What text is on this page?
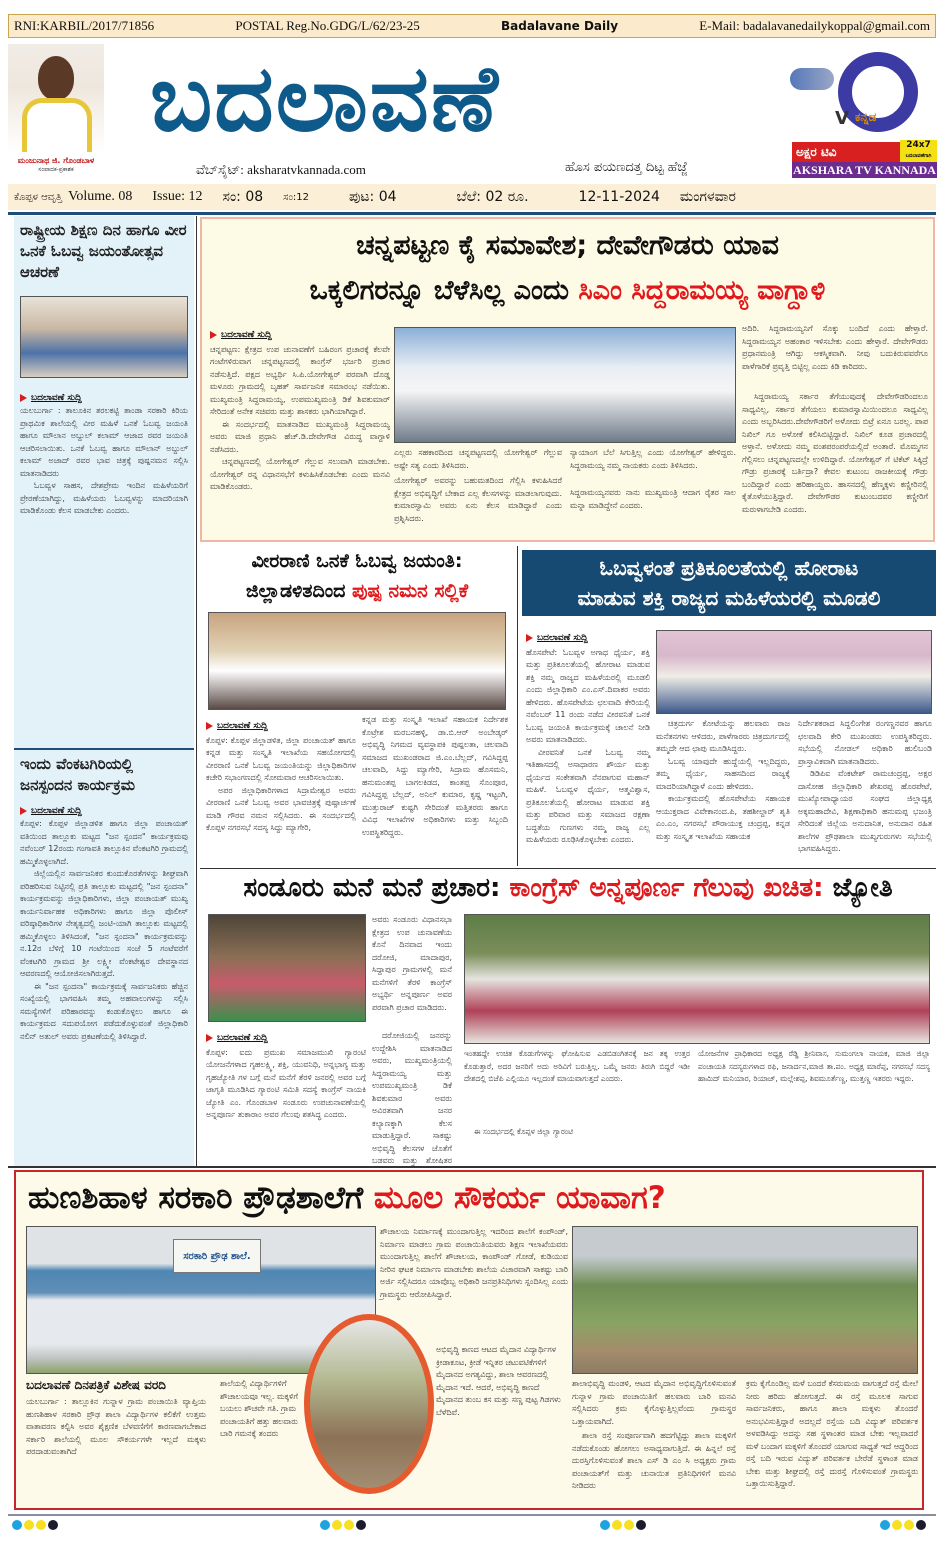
RNI:KARBIL/2017/71856	POSTAL Reg.No.GDG/L/62/23-25	Badalavane Daily	E-Mail: badalavanedailykoppal@gmail.com
ಮಂಜುನಾಥ ಜಿ. ಗೊಂಡಬಾಳ
ಸಂಪಾದಕ-ಪ್ರಕಾಶಕ
ಬದಲಾವಣೆ
ವೆಬ್‌ಸೈಟ್: aksharatvkannada.com	ಹೊಸ ಪಯಣದತ್ತ ದಿಟ್ಟ ಹೆಜ್ಜೆ
V ಕನ್ನಡ
ಅಕ್ಷರ ಟಿವಿ	24x7
ಬದಲಾವಣೆಗಾಗಿ
AKSHARA TV KANNADA
ಕೊಪ್ಪಳ ಆವೃತ್ತಿ Volume. 08 Issue: 12 ಸಂ: 08 ಸಂ:12	ಪುಟ: 04	ಬೆಲೆ: 02 ರೂ.	12-11-2024 ಮಂಗಳವಾರ
ರಾಷ್ಟ್ರೀಯ ಶಿಕ್ಷಣ ದಿನ ಹಾಗೂ ವೀರ ಒನಕೆ ಓಬವ್ವ ಜಯಂತೋತ್ಸವ ಆಚರಣೆ
ಬದಲಾವಣೆ ಸುದ್ದಿ
ಯಲಬುರ್ಗಾ : ತಾಲೂಕಿನ ತರಲಕಟ್ಟಿ ತಾಂಡಾ ಸರಕಾರಿ ಕಿರಿಯ ಪ್ರಾಥಮಿಕ ಶಾಲೆಯಲ್ಲಿ ವೀರ ಮಹಿಳೆ ಒನಕೆ ಓಬವ್ವ ಜಯಂತಿ ಹಾಗೂ ಮೌಲಾನ ಅಬ್ದುಲ್ ಕಲಾಮ್ ಆಜಾದ ರವರ ಜಯಂತಿ ಆಚರಿಸಲಾಯಿತು. ಒನಕೆ ಓಬವ್ವ ಹಾಗೂ ಮೌಲಾನ್ ಅಬ್ದುಲ್ ಕಲಾಮ್ ಅಜಾದ್ ರವರ ಭಾವ ಚಿತ್ರಕ್ಕೆ ಪುಷ್ಪನಮನ ಸಲ್ಲಿಸಿ ಮಾತನಾಡಿದರು
ಓಬವ್ವಳ ಸಾಹಸ, ದೇಶಪ್ರೇಮ ಇಂದಿನ ಮಹಿಳೆಯರಿಗೆ ಪ್ರೇರಣೆಯಾಗಿದ್ದು, ಮಹಿಳೆಯರು ಓಬವ್ವಳನ್ನು ಮಾದರಿಯಾಗಿ ಮಾಡಿಕೊಂಡು ಕೆಲಸ ಮಾಡಬೇಕು ಎಂದರು.
ಇಂದು ವೆಂಕಟಗಿರಿಯಲ್ಲಿ ಜನಸ್ಪಂದನ ಕಾರ್ಯಕ್ರಮ
ಬದಲಾವಣೆ ಸುದ್ದಿ
ಕೊಪ್ಪಳ: ಕೊಪ್ಪಳ ಜಿಲ್ಲಾಡಳಿತ ಹಾಗೂ ಜಿಲ್ಲಾ ಪಂಚಾಯತ್ ವತಿಯಿಂದ ತಾಲ್ಲೂಕು ಮಟ್ಟದ "ಜನ ಸ್ಪಂದನ" ಕಾರ್ಯಕ್ರಮವು ನವೆಂಬರ್ 12ರಂದು ಗಂಗಾವತಿ ತಾಲ್ಲೂಕಿನ ವೆಂಕಟಗಿರಿ ಗ್ರಾಮದಲ್ಲಿ ಹಮ್ಮಿಕೊಳ್ಳಲಾಗಿದೆ.
ಜಿಲ್ಲೆಯಲ್ಲಿನ ಸಾರ್ವಜನಿಕರ ಕುಂದುಕೊರತೆಗಳನ್ನು ಶೀಘ್ರವಾಗಿ ಪರಿಹರಿಸುವ ನಿಟ್ಟಿನಲ್ಲಿ ಪ್ರತಿ ತಾಲ್ಲೂಕು ಮಟ್ಟದಲ್ಲಿ "ಜನ ಸ್ಪಂದನಾ" ಕಾರ್ಯಕ್ರಮವನ್ನು ಜಿಲ್ಲಾಧಿಕಾರಿಗಳು, ಜಿಲ್ಲಾ ಪಂಚಾಯತ್ ಮುಖ್ಯ ಕಾರ್ಯನಿರ್ವಾಹಕ ಅಧಿಕಾರಿಗಳು ಹಾಗೂ ಜಿಲ್ಲಾ ಪೊಲೀಸ್ ವರಿಷ್ಠಾಧಿಕಾರಿಗಳ ನೇತೃತ್ವದಲ್ಲಿ ಜಂಟಿ-ಯಾಗಿ ತಾಲ್ಲೂಕು ಮಟ್ಟದಲ್ಲಿ ಹಮ್ಮಿಕೊಳ್ಳಲು ತಿಳಿಸಿದಂತೆ, "ಜನ ಸ್ಪಂದನಾ" ಕಾರ್ಯಕ್ರಮವನ್ನು ನ.12ರ ಬೆಳಿಗ್ಗೆ 10 ಗಂಟೆಯಿಂದ ಸಂಜೆ 5 ಗಂಟೆವರೆಗೆ ವೆಂಕಟಗಿರಿ ಗ್ರಾಮದ ಶ್ರೀ ಲಕ್ಷ್ಮೀ ವೆಂಕಟೇಶ್ವರ ದೇವಸ್ಥಾನದ ಆವರಣದಲ್ಲಿ ಆಯೋಜಿಸಲಾಗಿರುತ್ತದೆ.
ಈ "ಜನ ಸ್ಪಂದನಾ" ಕಾರ್ಯಕ್ರಮಕ್ಕೆ ಸಾರ್ವಜನಿಕರು ಹೆಚ್ಚಿನ ಸಂಖ್ಯೆಯಲ್ಲಿ ಭಾಗವಹಿಸಿ ತಮ್ಮ ಅಹವಾಲುಗಳನ್ನು ಸಲ್ಲಿಸಿ ಸಮಸ್ಯೆಗಳಿಗೆ ಪರಿಹಾರವನ್ನು ಕಂಡುಕೊಳ್ಳಲು ಹಾಗೂ ಈ ಕಾರ್ಯಕ್ರಮದ ಸದುಪಯೋಗ ಪಡೆದುಕೊಳ್ಳುವಂತೆ ಜಿಲ್ಲಾಧಿಕಾರಿ ನಲಿನ್ ಅತುಲ್ ಅವರು ಪ್ರಕಟಣೆಯಲ್ಲಿ ತಿಳಿಸಿದ್ದಾರೆ.
ಚನ್ನಪಟ್ಟಣ ಕೈ ಸಮಾವೇಶ; ದೇವೇಗೌಡರು ಯಾವ
ಒಕ್ಕಲಿಗರನ್ನೂ ಬೆಳೆಸಿಲ್ಲ ಎಂದು ಸಿಎಂ ಸಿದ್ದರಾಮಯ್ಯ ವಾಗ್ದಾಳಿ
ಬದಲಾವಣೆ ಸುದ್ದಿ
ಚನ್ನಪಟ್ಟಣ: ಕ್ಷೇತ್ರದ ಉಪ ಚುನಾವಣೆಗೆ ಬಹಿರಂಗ ಪ್ರಚಾರಕ್ಕೆ ಕೆಲವೇ ಗಂಟೆಗಳಿರುವಾಗ ಚನ್ನಪಟ್ಟಣದಲ್ಲಿ ಕಾಂಗ್ರೆಸ್ ಭರ್ಜರಿ ಪ್ರಚಾರ ನಡೆಸುತ್ತಿದೆ. ಪಕ್ಷದ ಅಭ್ಯರ್ಥಿ ಸಿ.ಪಿ.ಯೋಗೇಶ್ವರ್ ಪರವಾಗಿ ದೊಡ್ಡ ಮಳೂರು ಗ್ರಾಮದಲ್ಲಿ ಬೃಹತ್ ಸಾರ್ವಜನಿಕ ಸಮಾರಂಭ ನಡೆಯಿತು. ಮುಖ್ಯಮಂತ್ರಿ ಸಿದ್ದರಾಮಯ್ಯ, ಉಪಮುಖ್ಯಮಂತ್ರಿ ಡಿಕೆ ಶಿವಕುಮಾರ್ ಸೇರಿದಂತೆ ಅನೇಕ ಸಚಿವರು ಮತ್ತು ಶಾಸಕರು ಭಾಗಿಯಾಗಿದ್ದಾರೆ.
ಈ ಸಂದರ್ಭದಲ್ಲಿ ಮಾತನಾಡಿದ ಮುಖ್ಯಮಂತ್ರಿ ಸಿದ್ದರಾಮಯ್ಯ ಅವರು ಮಾಜಿ ಪ್ರಧಾನಿ ಹೆಚ್.ಡಿ.ದೇವೇಗೌಡ ವಿರುದ್ಧ ವಾಗ್ದಾಳಿ ನಡೆಸಿದರು.
ಚನ್ನಪಟ್ಟಣದಲ್ಲಿ ಯೋಗೇಶ್ವರ್ ಗೆಲ್ಲುವ ಸಲುವಾಗಿ ಮಾಡಬೇಕು. ಯೋಗೇಶ್ವರ್ ರನ್ನ ವಿಧಾನಸಭೆಗೆ ಕಳುಹಿಸಿಕೊಡಬೇಕು ಎಂದು ಮನವಿ ಮಾಡಿಕೊಂಡರು.
ಎಲ್ಲರು ಸಹಕಾರದಿಂದ ಚನ್ನಪಟ್ಟಣದಲ್ಲಿ ಯೋಗೇಶ್ವರ್ ಗೆಲ್ಲುವ ಅಷ್ಟೇ ಸತ್ಯ ಎಂದು ತಿಳಿಸಿದರು.
ಯೋಗೇಶ್ವರ್ ಅವರನ್ನು ಬಹುಮತದಿಂದ ಗೆಲ್ಲಿಸಿ ಕಳುಹಿಸಿದರೆ ಕ್ಷೇತ್ರದ ಅಭಿವೃದ್ಧಿಗೆ ಬೇಕಾದ ಎಲ್ಲ ಕೆಲಸಗಳನ್ನು ಮಾಡಲಾಗುವುದು. ಕುಮಾರಸ್ವಾಮಿ ಅವರು ಏನು ಕೆಲಸ ಮಾಡಿದ್ದಾರೆ ಎಂದು ಪ್ರಶ್ನಿಸಿದರು.
ನ್ಯಾಯಾಂಗ ಬೆಲೆ ಸಿಗುತ್ತಿಲ್ಲ ಎಂದು ಯೋಗೇಶ್ವರ್ ಹೇಳಿದ್ದರು. ಸಿದ್ದರಾಮಯ್ಯ ನಮ್ಮ ನಾಯಕರು ಎಂದು ತಿಳಿಸಿದರು.
ಸಿದ್ದರಾಮಯ್ಯನವರು ನಾನು ಮುಖ್ಯಮಂತ್ರಿ ಆದಾಗ ರೈತರ ಸಾಲ ಮನ್ನಾ ಮಾಡಿದ್ದೇನೆ ಎಂದರು.
ಅದಿರಿ. ಸಿದ್ದರಾಮಯ್ಯನಿಗೆ ಸೊಕ್ಕು ಬಂದಿದೆ ಎಂದು ಹೇಳ್ತಾರೆ. ಸಿದ್ದರಾಮಯ್ಯನ ಅಹಂಕಾರ ಇಳಿಸಬೇಕು ಎಂದು ಹೇಳ್ತಾರೆ. ದೇವೇಗೌಡರು ಪ್ರಧಾನಮಂತ್ರಿ ಆಗಿದ್ದು ಆಕಸ್ಮಿಕವಾಗಿ. ನೀವು ಬದುಕಿರುವವರೆಗೂ ಪಾಳೆಗಾರಿಕೆ ಪ್ರವೃತ್ತಿ ಬಿಟ್ಟಿಲ್ಲ ಎಂದು ಕಿಡಿ ಕಾರಿದರು.
ಸಿದ್ದರಾಮಯ್ಯ ಸರ್ಕಾರ ತೆಗೆಯುವುದಕ್ಕೆ ದೇವೇಗೌಡರಿಂದಲೂ ಸಾಧ್ಯವಿಲ್ಲ, ಸರ್ಕಾರ ತೆಗೆಯಲು ಕುಮಾರಸ್ವಾಮಿಯಿಂದಲೂ ಸಾಧ್ಯವಿಲ್ಲ ಎಂದು ಅಬ್ಬರಿಸಿದರು.ದೇವೇಗೌಡರಿಗೆ ಅಳೋದು ಬಿಟ್ರೆ ಏನೂ ಬರಲ್ಲ. ಪಾಪ ನಿಖಿಲ್ ಗೂ ಅಳೋಕೆ ಕಲಿಸಿಬಿಟ್ಟಿದ್ದಾರೆ. ನಿಖಿಲ್ ಕೂಡ ಪ್ರಚಾರದಲ್ಲಿ ಅಳ್ತಾನೆ. ಅಳೋದು ನಮ್ಮ ವಂಶಪರಂಪರೆಯಲ್ಲಿದೆ ಅಂತಾರೆ. ಮೊಮ್ಮಗನ ಗೆಲ್ಲಿಸಲು ಚನ್ನಪಟ್ಟಣದಲ್ಲೇ ಉಳಿದಿದ್ದಾರೆ. ಯೋಗೇಶ್ವರ್ ಗೆ ಟಿಕೆಟ್ ಸಿಕ್ಕಿದ್ರೆ ಗೌಡ್ರು ಪ್ರಚಾರಕ್ಕೆ ಬರ್ತಿದ್ರಾ? ಕೇವಲ ಕುಟುಂಬ ರಾಜಕೀಯಕ್ಕೆ ಗೌಡ್ರು ಬಂದಿದ್ದಾರೆ ಎಂದು ಹರಿಹಾಯ್ದರು. ಹಾಸನದಲ್ಲಿ ಹೆಣ್ಮಕ್ಕಳು ಕಣ್ಣೀರಿನಲ್ಲಿ ಕೈತೊಳೆಯುತ್ತಿದ್ದಾರೆ. ದೇವೇಗೌಡರ ಕುಟುಂಬದವರ ಕಣ್ಣೀರಿಗೆ ಮರುಳಾಗಬೇಡಿ ಎಂದರು.
ವೀರರಾಣಿ ಒನಕೆ ಓಬವ್ವ ಜಯಂತಿ:
ಜಿಲ್ಲಾಡಳಿತದಿಂದ ಪುಷ್ಪ ನಮನ ಸಲ್ಲಿಕೆ
ಬದಲಾವಣೆ ಸುದ್ದಿ
ಕೊಪ್ಪಳ: ಕೊಪ್ಪಳ ಜಿಲ್ಲಾಡಳಿತ, ಜಿಲ್ಲಾ ಪಂಚಾಯತ್ ಹಾಗೂ ಕನ್ನಡ ಮತ್ತು ಸಂಸ್ಕೃತಿ ಇಲಾಖೆಯ ಸಹಯೋಗದಲ್ಲಿ ವೀರರಾಣಿ ಒನಕೆ ಓಬವ್ವ ಜಯಂತಿಯನ್ನು ಜಿಲ್ಲಾಧಿಕಾರಿಗಳ ಕಚೇರಿ ಸಭಾಂಗಣದಲ್ಲಿ ಸೋಮವಾರ ಆಚರಿಸಲಾಯಿತು.
ಅಪರ ಜಿಲ್ಲಾಧಿಕಾರಿಗಳಾದ ಸಿದ್ರಾಮೇಶ್ವರ ಅವರು ವೀರರಾಣಿ ಒನಕೆ ಓಬವ್ವ ಅವರ ಭಾವಚಿತ್ರಕ್ಕೆ ಪುಷ್ಪಾರ್ಚಣೆ ಮಾಡಿ ಗೌರವ ನಮನ ಸಲ್ಲಿಸಿದರು. ಈ ಸಂದರ್ಭದಲ್ಲಿ ಕೊಪ್ಪಳ ನಗರಸಭೆ ಸದಸ್ಯ ಸಿದ್ದು ಮ್ಯಾಗೇರಿ,
ಕನ್ನಡ ಮತ್ತು ಸಂಸ್ಕೃತಿ ಇಲಾಖೆ ಸಹಾಯಕ ನಿರ್ದೇಶಕ ಕೊಟ್ರೇಶ ಮರಬನಹಳ್ಳಿ, ಡಾ.ಬಿ.ಆರ್ ಅಂಬೇಡ್ಕರ್ ಅಭಿವೃದ್ಧಿ ನಿಗಮದ ವ್ಯವಸ್ಥಾಪಕಿ ಪುಷ್ಪಲತಾ, ಚಲವಾದಿ ಸಮಾಜದ ಮುಖಂಡರಾದ ಜಿ.ಎಂ.ಬೆಲ್ಲದ್, ಗವಿಸಿದ್ದಪ್ಪ ಚಲವಾದಿ, ಸಿದ್ದು ಮ್ಯಾಗೇರಿ, ಸಿದ್ರಾಮ ಹೊಸಮನಿ, ಹನುಮಂತಪ್ಪ ಬಾಗಲಕಿಡದ, ಕಾಂತಪ್ಪ ಸೊಂಪೂರ, ಗವಿಸಿದ್ದಪ್ಪ ಬೆಲ್ಲದ್, ಅನಿಲ್ ಕುಮಾರ, ಕೃಷ್ಣ ಇಟ್ಟಂಗಿ, ಮುತ್ತುರಾಜ್ ಕುಷ್ಟಗಿ ಸೇರಿದಂತೆ ಮತ್ತಿತರರು ಹಾಗೂ ವಿವಿಧ ಇಲಾಖೆಗಳ ಅಧಿಕಾರಿಗಳು ಮತ್ತು ಸಿಬ್ಬಂದಿ ಉಪಸ್ಥಿತರಿದ್ದರು.
ಓಬವ್ವಳಂತೆ ಪ್ರತಿಕೂಲತೆಯಲ್ಲಿ ಹೋರಾಟ
ಮಾಡುವ ಶಕ್ತಿ ರಾಜ್ಯದ ಮಹಿಳೆಯರಲ್ಲಿ ಮೂಡಲಿ
ಬದಲಾವಣೆ ಸುದ್ದಿ
ಹೊಸಪೇಟೆ: ಓಬವ್ವಳ ಅಗಾಧ ಧೈರ್ಯ, ಶಕ್ತಿ ಮತ್ತು ಪ್ರತಿಕೂಲತೆಯಲ್ಲಿ ಹೋರಾಟ ಮಾಡುವ ಶಕ್ತಿ ನಮ್ಮ ರಾಜ್ಯದ ಮಹಿಳೆಯರಲ್ಲಿ ಮೂಡಲಿ ಎಂದು ಜಿಲ್ಲಾಧಿಕಾರಿ ಎಂ.ಎಸ್.ದಿವಾಕರ ಅವರು ಹೇಳಿದರು. ಹೊಸಪೇಟೆಯ ಛಲವಾದಿ ಕೇರಿಯಲ್ಲಿ ನವೆಂಬರ್ 11 ರಂದು ನಡೆದ ವೀರವನಿತೆ ಒನಕೆ ಓಬವ್ವ ಜಯಂತಿ ಕಾರ್ಯಕ್ರಮಕ್ಕೆ ಚಾಲನೆ ನೀಡಿ ಅವರು ಮಾತನಾಡಿದರು.
ವೀರವನಿತೆ ಒನಕೆ ಓಬವ್ವ ನಮ್ಮ ಇತಿಹಾಸದಲ್ಲಿ ಅಸಾಧಾರಣ ಶೌರ್ಯ ಮತ್ತು ಧೈರ್ಯದ ಸಂಕೇತವಾಗಿ ನೆನಪಾಗುವ ಮಹಾನ್ ಮಹಿಳೆ. ಓಬವ್ವಳ ಧೈರ್ಯ, ಆತ್ಮವಿಶ್ವಾಸ, ಪ್ರತಿಕೂಲತೆಯಲ್ಲಿ ಹೋರಾಟ ಮಾಡುವ ಶಕ್ತಿ ಮತ್ತು ಪರಿವಾರ ಮತ್ತು ಸಮಾಜದ ರಕ್ಷಣಾ ಬದ್ಧತೆಯ ಗುಣಗಳು ನಮ್ಮ ರಾಜ್ಯ ಎಲ್ಲ ಮಹಿಳೆಯರು ರೂಢಿಸಿಕೊಳ್ಳಬೇಕು ಎಂದರು.
ಚಿತ್ರದುರ್ಗ ಕೋಟೆಯನ್ನು ಹಲವಾರು ರಾಜ ಮನೆತನಗಳು ಆಳಿದರು, ಪಾಳೆಗಾರರು ಚಿತ್ರದುರ್ಗದಲ್ಲಿ ತಮ್ಮದೇ ಆದ ಛಾಪು ಮೂಡಿಸಿದ್ದರು.
ಓಬವ್ವ ಯಾವುದೇ ಹುದ್ದೆಯಲ್ಲಿ ಇಲ್ಲದಿದ್ದರು, ತಮ್ಮ ಧೈರ್ಯ, ಸಾಹಸದಿಂದ ರಾಜ್ಯಕ್ಕೆ ಮಾದರಿಯಾಗಿದ್ದಾಳೆ ಎಂದು ಹೇಳಿದರು.
ಕಾರ್ಯಕ್ರಮದಲ್ಲಿ ಹೊಸಪೇಟೆಯ ಸಹಾಯಕ ಆಯುಕ್ತರಾದ ವಿವೇಕಾನಂದ.ಪಿ, ತಹಶೀಲ್ದಾರ್ ಶೃತಿ ಎಂ.ಎಂ, ನಗರಸಭೆ ಪೌರಾಯುಕ್ತ ಚಂದ್ರಪ್ಪ, ಕನ್ನಡ ಮತ್ತು ಸಂಸ್ಕೃತ ಇಲಾಖೆಯ ಸಹಾಯಕ
ನಿರ್ದೇಶಕರಾದ ಸಿದ್ದಲಿಂಗೇಶ ರಂಗಣ್ಣನವರ ಹಾಗೂ ಛಲವಾದಿ ಕೇರಿ ಮುಖಂಡರು ಉಪಸ್ಥಿತರಿದ್ದರು. ಸಭೆಯಲ್ಲಿ ನೋಡಲ್ ಅಧಿಕಾರಿ ಹುಲಿಬಂಡಿ ಪ್ರಾಸ್ತಾವಿಕವಾಗಿ ಮಾತನಾಡಿದರು.
ಡಿಡಿಪಿಐ ವೆಂಕಟೇಶ್ ರಾಮಚಂದ್ರಪ್ಪ, ಅಕ್ಷರ ದಾಸೋಹ ಜಿಲ್ಲಾಧಿಕಾರಿ ಶೇಖರಪ್ಪ ಹೊರಪೇಟೆ, ಮುಖ್ಯೋಪಾಧ್ಯಾಯರ ಸಂಘದ ಜಿಲ್ಲಾಧ್ಯಕ್ಷ ಅಕ್ಕಮಹಾದೇವಿ, ಶಿಕ್ಷಣಾಧಿಕಾರಿ ಹನುಮಪ್ಪ ಭಜಂತ್ರಿ ಸೇರಿದಂತೆ ಜಿಲ್ಲೆಯ ಅನುದಾನಿತ, ಅನುದಾನ ರಹಿತ ಶಾಲೆಗಳ ಪ್ರೌಢಶಾಲಾ ಮುಖ್ಯಗುರುಗಳು ಸಭೆಯಲ್ಲಿ ಭಾಗವಹಿಸಿದ್ದರು.
ಸಂಡೂರು ಮನೆ ಮನೆ ಪ್ರಚಾರ: ಕಾಂಗ್ರೆಸ್ ಅನ್ನಪೂರ್ಣ ಗೆಲುವು ಖಚಿತ: ಜ್ಯೋತಿ
ಬದಲಾವಣೆ ಸುದ್ದಿ
ಕೊಪ್ಪಳ: ಐದು ಪ್ರಮುಖ ಸಮಾಜಮುಖಿ ಗ್ಯಾರಂಟಿ ಯೋಜನೆಗಳಾದ ಗೃಹಲಕ್ಷ್ಮಿ, ಶಕ್ತಿ, ಯುವನಿಧಿ, ಅನ್ನಭಾಗ್ಯ ಮತ್ತು ಗೃಹಜ್ಯೋತಿ ಗಳ ಬಗ್ಗೆ ಮನೆ ಮನೆಗೆ ತೆರಳಿ ಜನರಲ್ಲಿ ಅವರ ಬಗ್ಗೆ ಜಾಗೃತಿ ಮೂಡಿಸಿದ ಗ್ಯಾರಂಟಿ ಸಮಿತಿ ಸದಸ್ಯೆ ಕಾಂಗ್ರೆಸ್ ನಾಯಕಿ ಜ್ಯೋತಿ ಎಂ. ಗೊಂಡಬಾಳ ಸಂಡೂರು ಉಪಚುನಾವಣೆಯಲ್ಲಿ ಅನ್ನಪೂರ್ಣ ತುಕಾರಾಂ ಅವರ ಗೆಲುವು ಶತಸಿದ್ಧ ಎಂದರು.
ಅವರು ಸಂಡೂರು ವಿಧಾನಸಭಾ ಕ್ಷೇತ್ರದ ಉಪ ಚುನಾವಣೆಯ ಕೊನೆ ದಿನವಾದ ಇಂದು ದರೋಜಿ, ಮಾದಾಪುರ, ಸಿದ್ದಾಪುರ ಗ್ರಾಮಗಳಲ್ಲಿ ಮನೆ ಮನೆಗಳಿಗೆ ತೆರಳಿ ಕಾಂಗ್ರೆಸ್ ಅಭ್ಯರ್ಥಿ ಅನ್ನಪೂರ್ಣ ಅವರ ಪರವಾಗಿ ಪ್ರಚಾರ ಮಾಡಿದರು.
ದರೋಜಿಯಲ್ಲಿ ಜನರನ್ನು ಉದ್ದೇಶಿಸಿ ಮಾತನಾಡಿದ ಅವರು, ಮುಖ್ಯಮಂತ್ರಿಯಲ್ಲಿ ಸಿದ್ದರಾಮಯ್ಯ ಮತ್ತು ಉಪಮುಖ್ಯಮಂತ್ರಿ ಡಿಕೆ ಶಿವಕುಮಾರ ಅವರು ಅವಿರತವಾಗಿ ಜನರ ಕಲ್ಯಾಣಕ್ಕಾಗಿ ಕೆಲಸ ಮಾಡುತ್ತಿದ್ದಾರೆ. ಸಾಕಷ್ಟು ಅಭಿವೃದ್ಧಿ ಕೆಲಸಗಳ ಜೊತೆಗೆ ಬಡವರು ಮತ್ತು ಶೋಷಿತರ
ಇಂತಹದ್ದೇ ಉಚಿತ ಕೊಡುಗೆಗಳನ್ನು ಘೋಷಿಸುವ ಎಡಬಿಡಂಗಿತನಕ್ಕೆ ಜನ ತಕ್ಕ ಉತ್ತರ ಕೊಡುತ್ತಾರೆ, ಅದರ ಜನರಿಗೆ ಅದು ಅರಿವಿಗೆ ಬರುತ್ತಿಲ್ಲ. ಒಮ್ಮೆ ಜನರು ತಿರುಗಿ ಬಿದ್ದರೆ ಇಡೀ ದೇಶದಲ್ಲಿ ಬಿಜೆಪಿ ಎಲ್ಲಿಯೂ ಇಲ್ಲದಂತೆ ಮಾಯವಾಗುತ್ತದೆ ಎಂದರು.
ಈ ಸಂದರ್ಭದಲ್ಲಿ ಕೊಪ್ಪಳ ಜಿಲ್ಲಾ ಗ್ಯಾರಂಟಿ
ಯೋಜನೆಗಳ ಪ್ರಾಧಿಕಾರದ ಅಧ್ಯಕ್ಷ ರೆಡ್ಡಿ ಶ್ರೀನಿವಾಸ, ಸುಮಂಗಲಾ ನಾಯಕ, ಮಾಜಿ ಜಿಲ್ಲಾ ಪಂಚಾಯತಿ ಸದಸ್ಯರುಗಳಾದ ರಫಿ, ಜನಾರ್ದನ,ಮಾಜಿ ತಾ.ಪಂ. ಅಧ್ಯಕ್ಷ ಮಾರೆಪ್ಪ, ನಗರಸಭೆ ಸದಸ್ಯ ಹಾಮಿದ್ ಮನಿಯಾರ, ರಿಯಾಜ್, ಮಲ್ಲೇಶಪ್ಪ, ಶಿವಮೂರ್ತೆಣ್ಣ, ಮುತ್ತಣ್ಣ ಇತರರು ಇದ್ದರು.
ಹುಣಶಿಹಾಳ ಸರಕಾರಿ ಪ್ರೌಢಶಾಲೆಗೆ ಮೂಲ ಸೌಕರ್ಯ ಯಾವಾಗ?
ಸರಕಾರಿ ಪ್ರೌಢ ಶಾಲೆ.
ಬದಲಾವಣೆ ದಿನಪತ್ರಿಕೆ ವಿಶೇಷ ವರದಿ
ಯಲಬುರ್ಗಾ : ತಾಲ್ಲೂಕಿನ ಗುನ್ನಾಳ ಗ್ರಾಮ ಪಂಚಾಯಿತಿ ವ್ಯಾಪ್ತಿಯ ಹುಣಶಿಹಾಳ ಸರಕಾರಿ ಪ್ರೌಢ ಶಾಲಾ ವಿದ್ಯಾರ್ಥಿಗಳ ಕಲಿಕೆಗೆ ಉತ್ತಮ ವಾತಾವರಣ ಕಲ್ಪಿಸಿ ಅವರ ಶೈಕ್ಷಣಿಕ ಬೆಳವಣಿಗೆಗೆ ಕಾರಣವಾಗಬೇಕಾದ ಸರ್ಕಾರಿ ಶಾಲೆಯಲ್ಲಿ ಮೂಲ ಸೌಕರ್ಯಗಳೇ ಇಲ್ಲದೆ ಮಕ್ಕಳು ಪರದಾಡುವಂತಾಗಿದೆ
ಶಾಲೆಯಲ್ಲಿ ವಿದ್ಯಾರ್ಥಿಗಳಿಗೆ ಶೌಚಾಲಯವೂ ಇಲ್ಲ. ಮಕ್ಕಳಿಗೆ ಬಯಲು ಶೌಚವೇ ಗತಿ. ಗ್ರಾಮ ಪಂಚಾಯತಿಗೆ ಹತ್ತು ಹಲವಾರು ಬಾರಿ ಗಮನಕ್ಕೆ ತಂದರು
ಶೌಚಾಲಯ ನಿರ್ಮಾಣಕ್ಕೆ ಮುಂದಾಗುತ್ತಿಲ್ಲ ಇದರಿಂದ ಶಾಲೆಗೆ ಕಂಪೌಂಡ್, ನಿರ್ಮಾಣ ಮಾಡಲು ಗ್ರಾಮ ಪಂಚಾಯಿತಿಯವರು ಶಿಕ್ಷಣ ಇಲಾಖೆಯವರು ಮುಂದಾಗುತ್ತಿಲ್ಲ ಶಾಲೆಗೆ ಶೌಚಾಲಯ, ಕಾಂಪೌಂಡ್ ಗೋಡೆ, ಕುಡಿಯುವ ನೀರಿನ ಘಟಕ ನಿರ್ಮಾಣ ಮಾಡಬೇಕು ಶಾಲೆಯ ವಿಚಾರವಾಗಿ ಸಾಕಷ್ಟು ಬಾರಿ ಅರ್ಜಿ ಸಲ್ಲಿಸಿದರೂ ಯಾವೊಬ್ಬ ಅಧಿಕಾರಿ ಜನಪ್ರತಿನಿಧಿಗಳು ಸ್ಪಂದಿಸಿಲ್ಲ ಎಂದು ಗ್ರಾಮಸ್ಥರು ಆರೋಪಿಸಿದ್ದಾರೆ.
ಅಭಿವೃದ್ಧಿ ಕಾಣದ ಆಟದ ಮೈದಾನ ವಿದ್ಯಾರ್ಥಿಗಳ ಕ್ರೀಡಾಕೂಟ, ಕ್ರೀಡೆ ಇನ್ನಿತರ ಚಟುವಟಿಕೆಗಳಿಗೆ ಮೈದಾನದ ಅಗತ್ಯವಿದ್ದು, ಶಾಲಾ ಆವರಣದಲ್ಲಿ ಮೈದಾನ ಇದೆ. ಆದರೆ, ಅಭಿವೃದ್ಧಿ ಕಾಣದೆ ಮೈದಾನದ ತುಂಬ ಕಸ ಮತ್ತು ಸಣ್ಣ ಪುಟ್ಟ ಗಿಡಗಳು ಬೆಳೆದಿವೆ.
ಶಾಲಾಭಿವೃದ್ಧಿ ಮಂಡಳಿ, ಆಟದ ಮೈದಾನ ಅಭಿವೃದ್ಧಿಗೊಳಿಸುವಂತೆ ಗುನ್ನಾಳ ಗ್ರಾಮ ಪಂಚಾಯಿತಿಗೆ ಹಲವಾರು ಬಾರಿ ಮನವಿ ಸಲ್ಲಿಸಿದರು ಕ್ರಮ ಕೈಗೊಳ್ಳುತ್ತಿಲ್ಲವೆಂದು ಗ್ರಾಮಸ್ಥರ ಒತ್ತಾಯವಾಗಿದೆ.
ಶಾಲಾ ರಸ್ತೆ ಸಂಪೂರ್ಣವಾಗಿ ಹದಗೆಟ್ಟಿದ್ದು ಶಾಲಾ ಮಕ್ಕಳಿಗೆ ನಡೆದುಕೊಂಡು ಹೋಗಲು ಅಸಾಧ್ಯವಾಗುತ್ತಿದೆ. ಈ ಹಿನ್ನಲೆ ರಸ್ತೆ ದುರಸ್ತಿಗೊಳಿಸುವಂತೆ ಶಾಲಾ ಎಸ್ ಡಿ ಎಂ ಸಿ ಅಧ್ಯಕ್ಷರು ಗ್ರಾಮ ಪಂಚಾಯತ್‌ಗೆ ಮತ್ತು ಚುನಾಯಿತ ಪ್ರತಿನಿಧಿಗಳಿಗೆ ಮನವಿ ನೀಡಿದರು
ಕ್ರಮ ಕೈಗೊಂಡಿಲ್ಲ ಮಳೆ ಬಂದರೆ ಕೆಸರುಮಯ ವಾಗುತ್ತದೆ ರಸ್ತೆ ಮೇಲೆ ನೀರು ಹರಿದು ಹೋಗುತ್ತದೆ. ಈ ರಸ್ತೆ ಮೂಲಕ ಸಾಗುವ ಸಾರ್ವಜನಿಕರು, ಹಾಗೂ ಶಾಲಾ ಮಕ್ಕಳು ತೊಂದರೆ ಅನುಭವಿಸುತ್ತಿದ್ದಾರೆ ಅದಲ್ಲದೆ ರಸ್ತೆಯ ಬದಿ ವಿದ್ಯುತ್ ಪರಿವರ್ತಕ ಅಳವಡಿಸಿದ್ದು ಅದನ್ನು ಸಹ ಸ್ಥಳಾಂತರ ಮಾಡ ಬೇಕು ಇಲ್ಲವಾದರೆ ಮಳೆ ಬಂದಾಗ ಮಕ್ಕಳಿಗೆ ತೊಂದರೆ ಯಾಗುವ ಸಾಧ್ಯತೆ ಇದೆ ಆದ್ದರಿಂದ ರಸ್ತೆ ಬದಿ ಇರುವ ವಿದ್ಯುತ್ ಪರಿವರ್ತಕ ಬೇರೆಡೆ ಸ್ಥಳಾಂತ ಮಾಡ ಬೇಕು ಮತ್ತು ಶೀಘ್ರದಲ್ಲಿ ರಸ್ತೆ ದುರಸ್ತೆ ಗೊಳಿಸುವಂತೆ ಗ್ರಾಮಸ್ಥರು ಒತ್ತಾಯಿಸುತ್ತಿದ್ದಾರೆ.
